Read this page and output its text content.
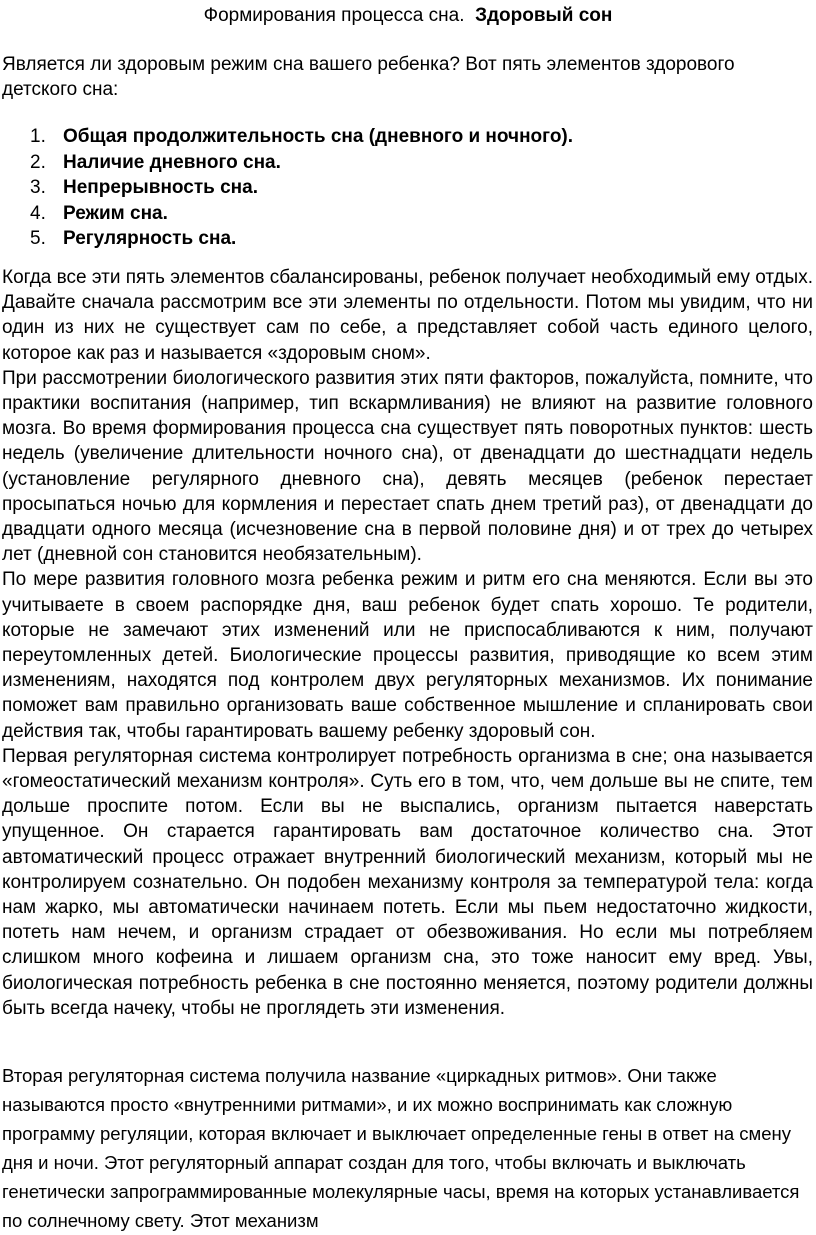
Формирования процесса сна. Здоровый сон

Является ли здоровым режим сна вашего ребенка? Вот пять элементов здорового детского сна:

1. Общая продолжительность сна (дневного и ночного).
2. Наличие дневного сна.
3. Непрерывность сна.
4. Режим сна.
5. Регулярность сна.

Когда все эти пять элементов сбалансированы, ребенок получает необходимый ему отдых. Давайте сначала рассмотрим все эти элементы по отдельности. Потом мы увидим, что ни один из них не существует сам по себе, а представляет собой часть единого целого, которое как раз и называется «здоровым сном».

При рассмотрении биологического развития этих пяти факторов, пожалуйста, помните, что практики воспитания (например, тип вскармливания) не влияют на развитие головного мозга. Во время формирования процесса сна существует пять поворотных пунктов: шесть недель (увеличение длительности ночного сна), от двенадцати до шестнадцати недель (установление регулярного дневного сна), девять месяцев (ребенок перестает просыпаться ночью для кормления и перестает спать днем третий раз), от двенадцати до двадцати одного месяца (исчезновение сна в первой половине дня) и от трех до четырех лет (дневной сон становится необязательным).

По мере развития головного мозга ребенка режим и ритм его сна меняются. Если вы это учитываете в своем распорядке дня, ваш ребенок будет спать хорошо. Те родители, которые не замечают этих изменений или не приспосабливаются к ним, получают переутомленных детей. Биологические процессы развития, приводящие ко всем этим изменениям, находятся под контролем двух регуляторных механизмов. Их понимание поможет вам правильно организовать ваше собственное мышление и спланировать свои действия так, чтобы гарантировать вашему ребенку здоровый сон.

Первая регуляторная система контролирует потребность организма в сне; она называется «гомеостатический механизм контроля». Суть его в том, что, чем дольше вы не спите, тем дольше проспите потом. Если вы не выспались, организм пытается наверстать упущенное. Он старается гарантировать вам достаточное количество сна. Этот автоматический процесс отражает внутренний биологический механизм, который мы не контролируем сознательно. Он подобен механизму контроля за температурой тела: когда нам жарко, мы автоматически начинаем потеть. Если мы пьем недостаточно жидкости, потеть нам нечем, и организм страдает от обезвоживания. Но если мы потребляем слишком много кофеина и лишаем организм сна, это тоже наносит ему вред. Увы, биологическая потребность ребенка в сне постоянно меняется, поэтому родители должны быть всегда начеку, чтобы не проглядеть эти изменения.

Вторая регуляторная система получила название «циркадных ритмов». Они также называются просто «внутренними ритмами», и их можно воспринимать как сложную программу регуляции, которая включает и выключает определенные гены в ответ на смену дня и ночи. Этот регуляторный аппарат создан для того, чтобы включать и выключать генетически запрограммированные молекулярные часы, время на которых устанавливается по солнечному свету. Этот механизм
